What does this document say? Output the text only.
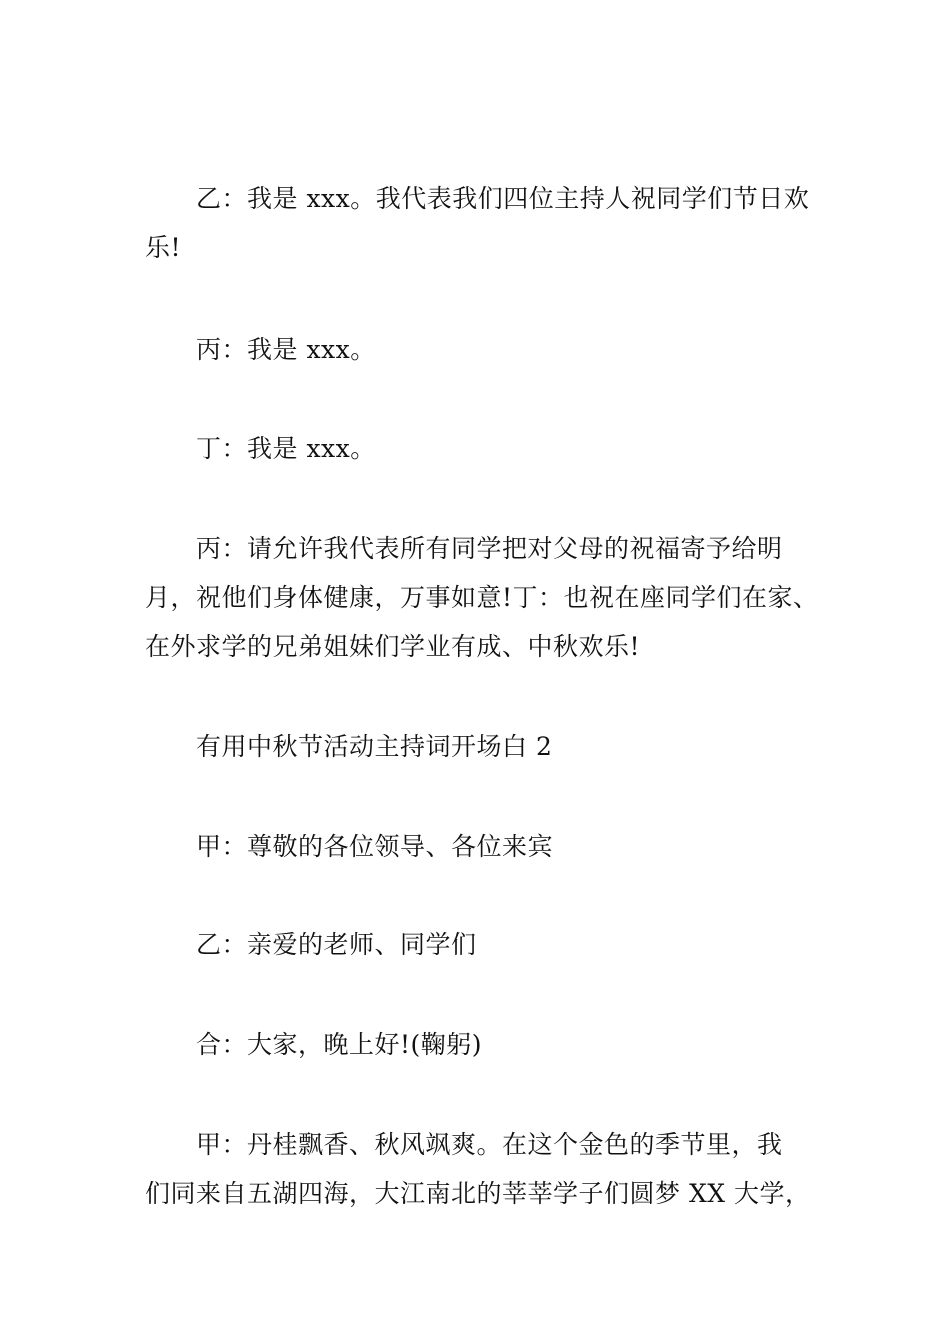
乙：我是 xxx。我代表我们四位主持人祝同学们节日欢
乐!

丙：我是 xxx。

丁：我是 xxx。

丙：请允许我代表所有同学把对父母的祝福寄予给明
月，祝他们身体健康，万事如意!丁：也祝在座同学们在家、
在外求学的兄弟姐妹们学业有成、中秋欢乐!

有用中秋节活动主持词开场白 2

甲：尊敬的各位领导、各位来宾

乙：亲爱的老师、同学们

合：大家，晚上好!(鞠躬)

甲：丹桂飘香、秋风飒爽。在这个金色的季节里，我
们同来自五湖四海，大江南北的莘莘学子们圆梦 XX 大学，
